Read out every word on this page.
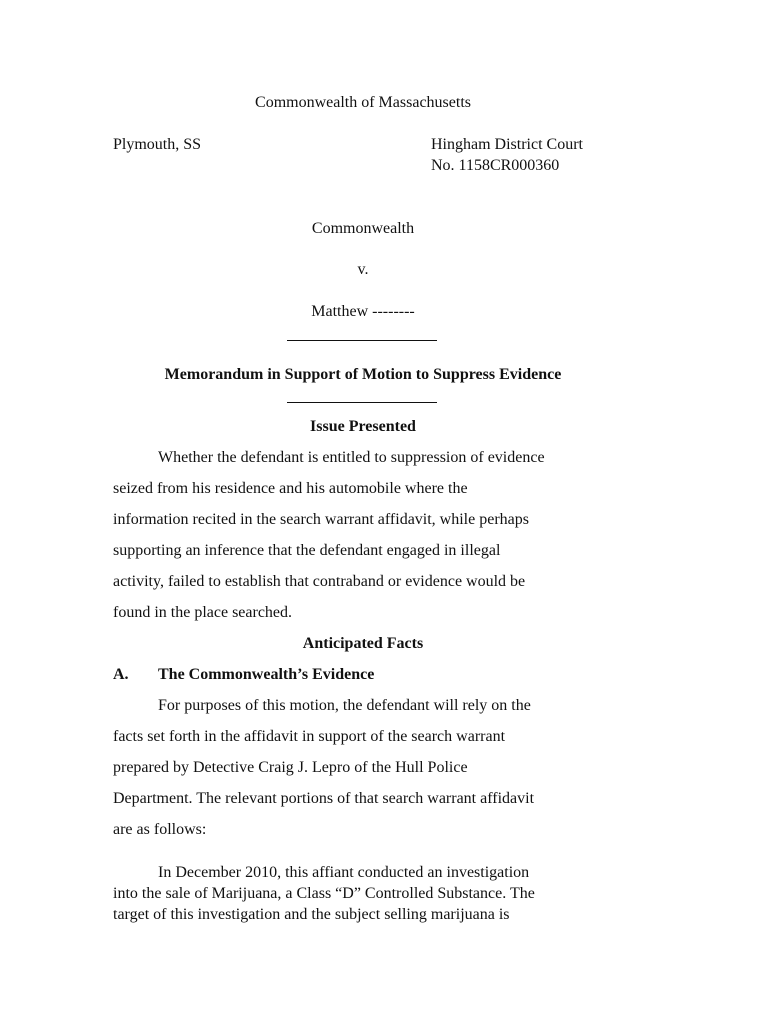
Commonwealth of Massachusetts
Plymouth, SS	Hingham District Court
No. 1158CR000360
Commonwealth
v.
Matthew --------
Memorandum in Support of Motion to Suppress Evidence
Issue Presented
Whether the defendant is entitled to suppression of evidence
seized from his residence and his automobile where the
information recited in the search warrant affidavit, while perhaps
supporting an inference that the defendant engaged in illegal
activity, failed to establish that contraband or evidence would be
found in the place searched.
Anticipated Facts
A. The Commonwealth’s Evidence
For purposes of this motion, the defendant will rely on the
facts set forth in the affidavit in support of the search warrant
prepared by Detective Craig J. Lepro of the Hull Police
Department. The relevant portions of that search warrant affidavit
are as follows:
In December 2010, this affiant conducted an investigation
into the sale of Marijuana, a Class “D” Controlled Substance. The
target of this investigation and the subject selling marijuana is
